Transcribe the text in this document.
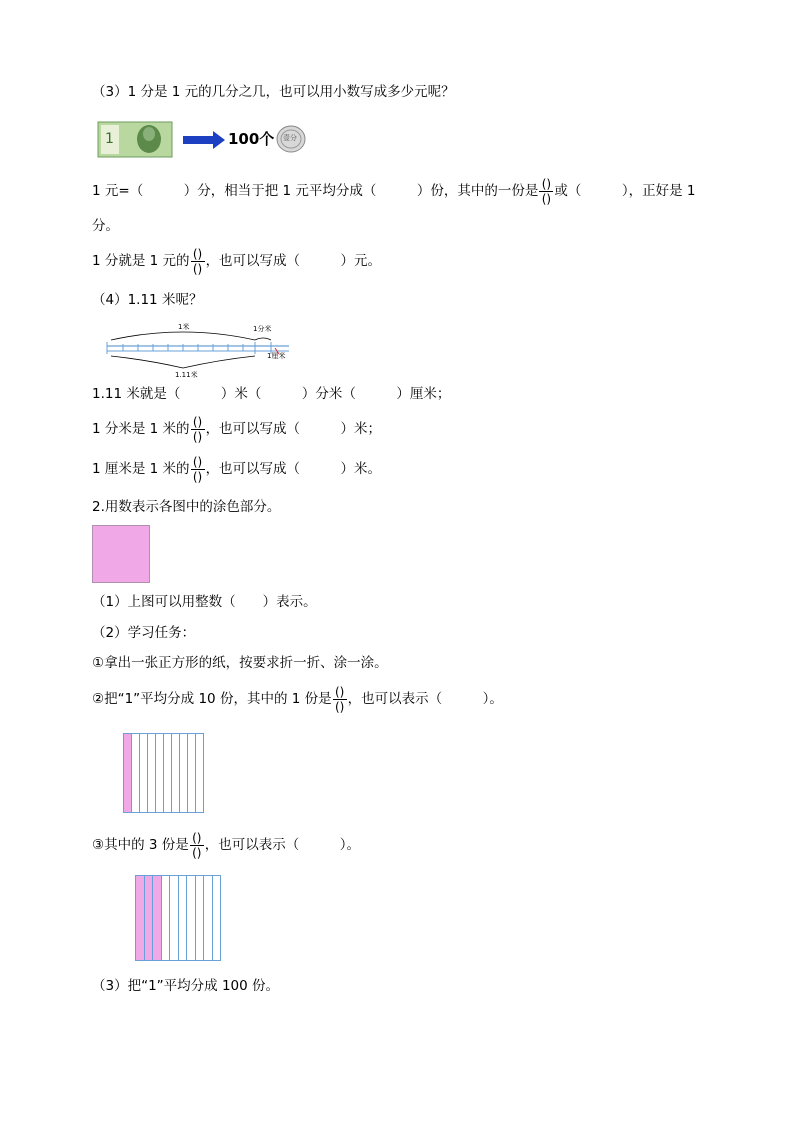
（3）1 分是 1 元的几分之几，也可以用小数写成多少元呢？
1	100个 壹分
1 元=（　　　）分，相当于把 1 元平均分成（　　　）份，其中的一份是 $\frac{()}{()}$ 或（　　　），正好是 1
分。
1 分就是 1 元的 $\frac{()}{()}$ ，也可以写成（　　　）元。
（4）1.11 米呢？
1米	1分米
1厘米
1.11米
1.11 米就是（　　　）米（　　　）分米（　　　）厘米；
1 分米是 1 米的 $\frac{()}{()}$ ，也可以写成（　　　）米；
1 厘米是 1 米的 $\frac{()}{()}$ ，也可以写成（　　　）米。
2.用数表示各图中的涂色部分。
（1）上图可以用整数（　　）表示。
（2）学习任务：
①拿出一张正方形的纸，按要求折一折、涂一涂。
②把“1”平均分成 10 份，其中的 1 份是 $\frac{()}{()}$ ，也可以表示（　　　）。
③其中的 3 份是 $\frac{()}{()}$ ，也可以表示（　　　）。
（3）把“1”平均分成 100 份。
